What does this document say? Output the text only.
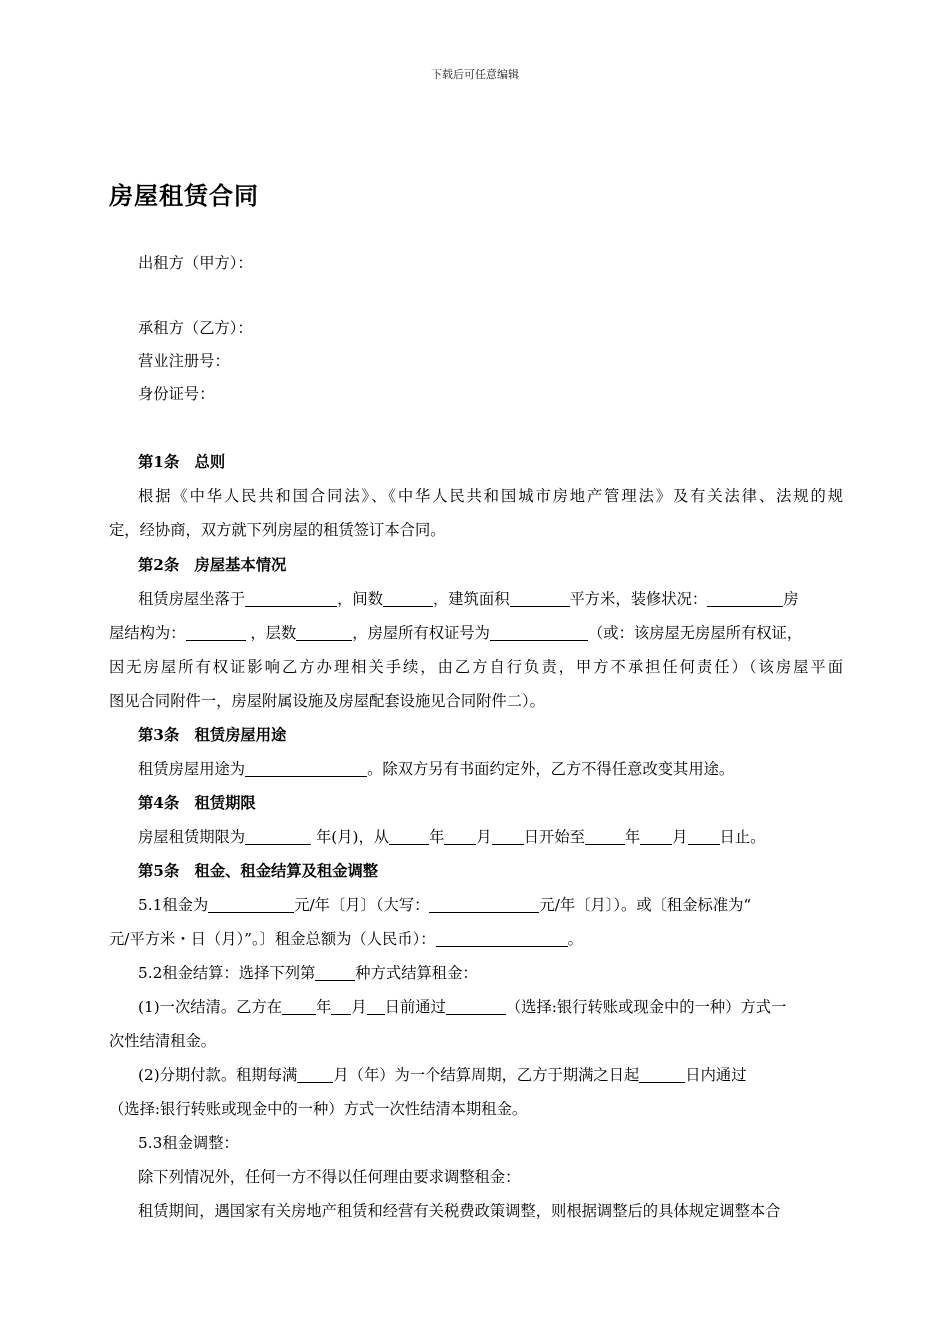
下载后可任意编辑
房屋租赁合同
出租方（甲方）：
承租方（乙方）：
营业注册号：
身份证号：
第1条　总则
根据《中华人民共和国合同法》、《中华人民共和国城市房地产管理法》及有关法律、法规的规
定，经协商，双方就下列房屋的租赁签订本合同。
第2条　房屋基本情况
租赁房屋坐落于	，间数	，建筑面积	平方米，装修状况：	房
屋结构为：	，层数	，房屋所有权证号为	（或：该房屋无房屋所有权证，
因无房屋所有权证影响乙方办理相关手续，由乙方自行负责，甲方不承担任何责任）（该房屋平面
图见合同附件一，房屋附属设施及房屋配套设施见合同附件二）。
第3条　租赁房屋用途
租赁房屋用途为	。除双方另有书面约定外，乙方不得任意改变其用途。
第4条　租赁期限
房屋租赁期限为	年(月)，从	年 月 日开始至	年 月 日止。
第5条　租金、租金结算及租金调整
5.1租金为	元/年〔月〕（大写：	元/年〔月〕）。或〔租金标准为“
元/平方米・日（月）”。〕租金总额为（人民币）：	。
5.2租金结算：选择下列第	种方式结算租金：
(1)一次结清。乙方在 年 月 日前通过	（选择:银行转账或现金中的一种）方式一
次性结清租金。
(2)分期付款。租期每满 月（年）为一个结算周期，乙方于期满之日起	日内通过
（选择:银行转账或现金中的一种）方式一次性结清本期租金。
5.3租金调整：
除下列情况外，任何一方不得以任何理由要求调整租金：
租赁期间，遇国家有关房地产租赁和经营有关税费政策调整，则根据调整后的具体规定调整本合
